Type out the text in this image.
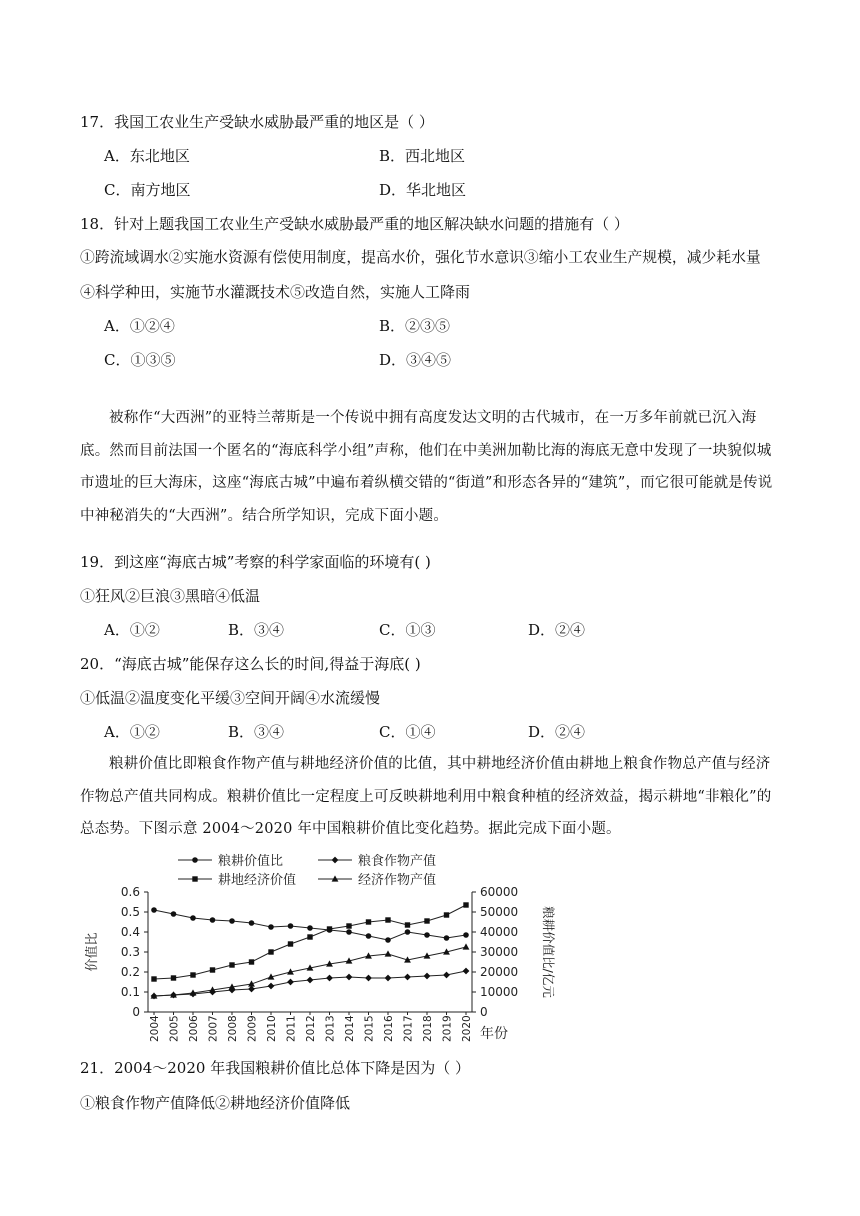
17．我国工农业生产受缺水威胁最严重的地区是（ ）
A．东北地区	B．西北地区
C．南方地区	D．华北地区
18．针对上题我国工农业生产受缺水威胁最严重的地区解决缺水问题的措施有（ ）
①跨流域调水②实施水资源有偿使用制度，提高水价，强化节水意识③缩小工农业生产规模，减少耗水量
④科学种田，实施节水灌溉技术⑤改造自然，实施人工降雨
A．①②④	B．②③⑤
C．①③⑤	D．③④⑤
被称作“大西洲”的亚特兰蒂斯是一个传说中拥有高度发达文明的古代城市，在一万多年前就已沉入海底。然而目前法国一个匿名的“海底科学小组”声称，他们在中美洲加勒比海的海底无意中发现了一块貌似城市遗址的巨大海床，这座“海底古城”中遍布着纵横交错的“街道”和形态各异的“建筑”，而它很可能就是传说中神秘消失的“大西洲”。结合所学知识，完成下面小题。
19．到这座“海底古城”考察的科学家面临的环境有( )
①狂风②巨浪③黑暗④低温
A．①②	B．③④	C．①③	D．②④
20．“海底古城”能保存这么长的时间,得益于海底( )
①低温②温度变化平缓③空间开阔④水流缓慢
A．①②	B．③④	C．①④	D．②④
粮耕价值比即粮食作物产值与耕地经济价值的比值，其中耕地经济价值由耕地上粮食作物总产值与经济作物总产值共同构成。粮耕价值比一定程度上可反映耕地利用中粮食种植的经济效益，揭示耕地“非粮化”的总态势。下图示意 2004～2020 年中国粮耕价值比变化趋势。据此完成下面小题。
0
0.1
0.2
0.3
0.4
0.5
0.6
0
10000
20000
30000
40000
50000
60000
2004 2005 2006 2007 2008 2009 2010 2011 2012 2013 2014 2015 2016 2017 2018 2019 2020
价值比	粮耕价值比/亿元
年份
粮耕价值比	粮食作物产值
耕地经济价值	经济作物产值
21．2004～2020 年我国粮耕价值比总体下降是因为（ ）
①粮食作物产值降低②耕地经济价值降低
